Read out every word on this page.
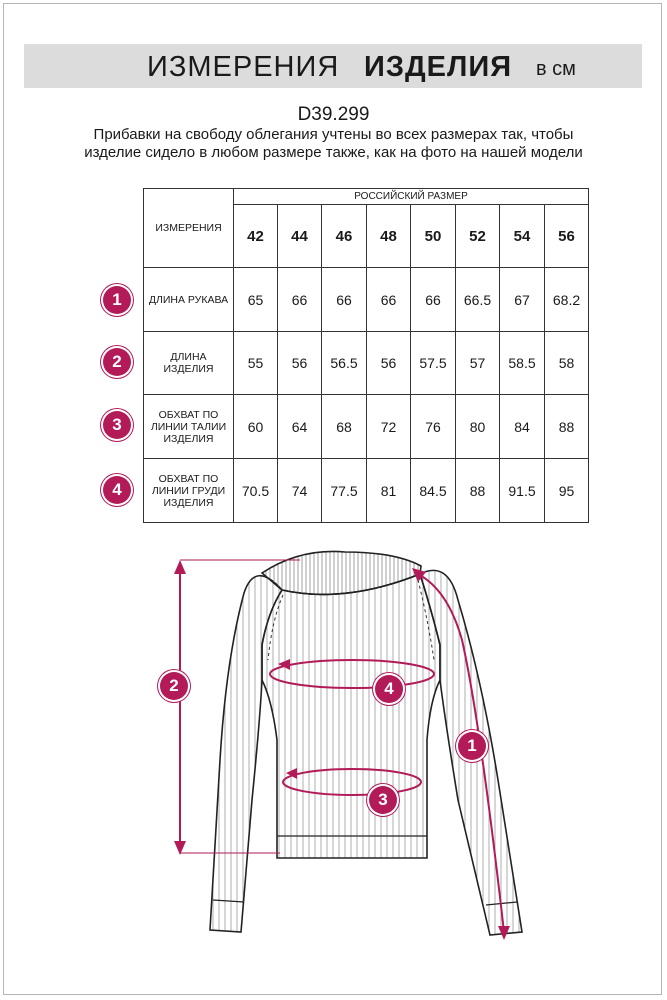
ИЗМЕРЕНИЯ ИЗДЕЛИЯ в см
D39.299
Прибавки на свободу облегания учтены во всех размерах так, чтобы изделие сидело в любом размере также, как на фото на нашей модели
ИЗМЕРЕНИЯ	РОССИЙСКИЙ РАЗМЕР							
	42	44	46	48	50	52	54	56
ДЛИНА РУКАВА	65	66	66	66	66	66.5	67	68.2
ДЛИНА ИЗДЕЛИЯ	55	56	56.5	56	57.5	57	58.5	58
ОБХВАТ ПО ЛИНИИ ТАЛИИ ИЗДЕЛИЯ	60	64	68	72	76	80	84	88
ОБХВАТ ПО ЛИНИИ ГРУДИ ИЗДЕЛИЯ	70.5	74	77.5	81	84.5	88	91.5	95
1
2
3
4
2	4
3
1
